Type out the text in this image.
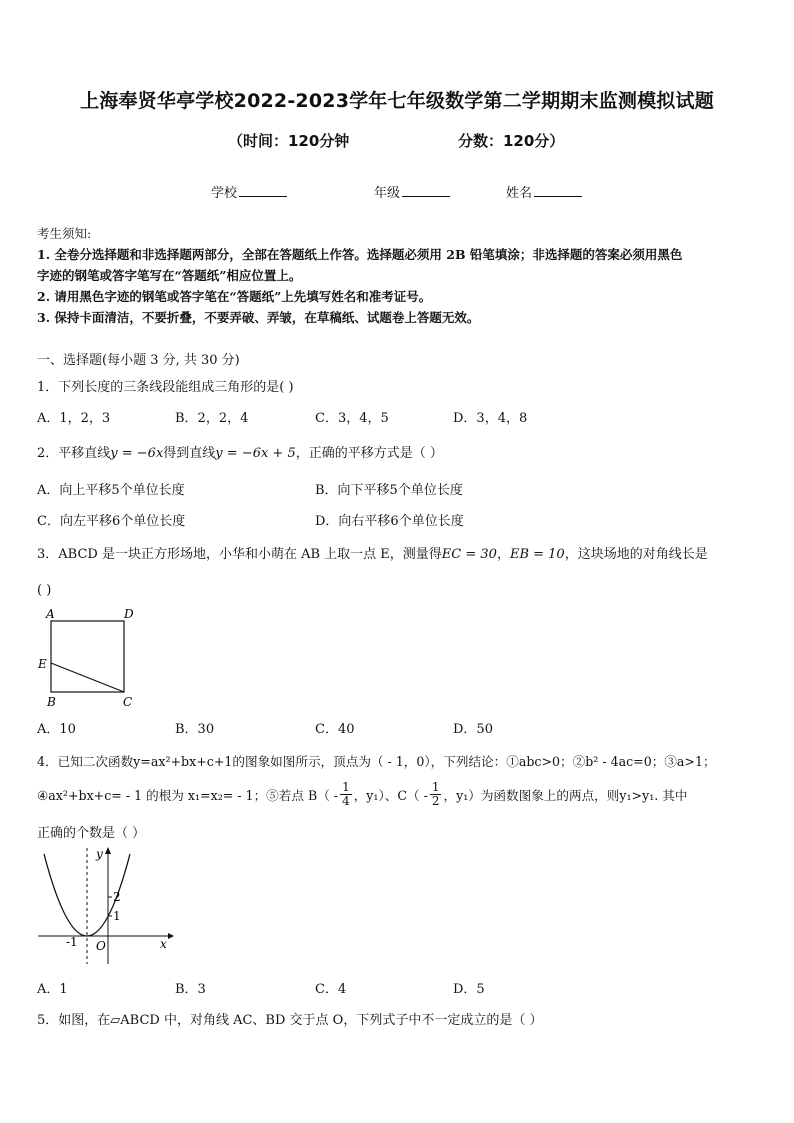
上海奉贤华亭学校2022-2023学年七年级数学第二学期期末监测模拟试题
（时间：120分钟	分数：120分）
学校	年级	姓名
考生须知:
1. 全卷分选择题和非选择题两部分，全部在答题纸上作答。选择题必须用 2B 铅笔填涂；非选择题的答案必须用黑色
字迹的钢笔或答字笔写在“答题纸”相应位置上。
2. 请用黑色字迹的钢笔或答字笔在“答题纸”上先填写姓名和准考证号。
3. 保持卡面清洁，不要折叠，不要弄破、弄皱，在草稿纸、试题卷上答题无效。
一、选择题(每小题 3 分, 共 30 分)
1．下列长度的三条线段能组成三角形的是( )
A．1，2，3	B．2，2，4	C．3，4，5	D．3，4，8
2．平移直线y = −6x得到直线y = −6x + 5，正确的平移方式是（ ）
A．向上平移5个单位长度	B．向下平移5个单位长度
C．向左平移6个单位长度	D．向右平移6个单位长度
3．ABCD 是一块正方形场地，小华和小萌在 AB 上取一点 E，测量得EC = 30，EB = 10，这块场地的对角线长是
( )
A	D
E
B	C
A．10	B．30	C．40	D．50
4．已知二次函数y=ax²+bx+c+1的图象如图所示，顶点为（ - 1，0），下列结论：①abc>0；②b² - 4ac=0；③a>1；
④ax²+bx+c= - 1 的根为 x₁=x₂= - 1；⑤若点 $B( - \frac{1}{4}$ ，y₁）、$C( - \frac{1}{2}$ ，y₁）为函数图象上的两点，则y₁>y₁. 其中
正确的个数是（ ）
y
x
O
-1
2
1
A．1	B．3	C．4	D．5
5．如图，在▱ABCD 中，对角线 AC、BD 交于点 O，下列式子中不一定成立的是（ ）
